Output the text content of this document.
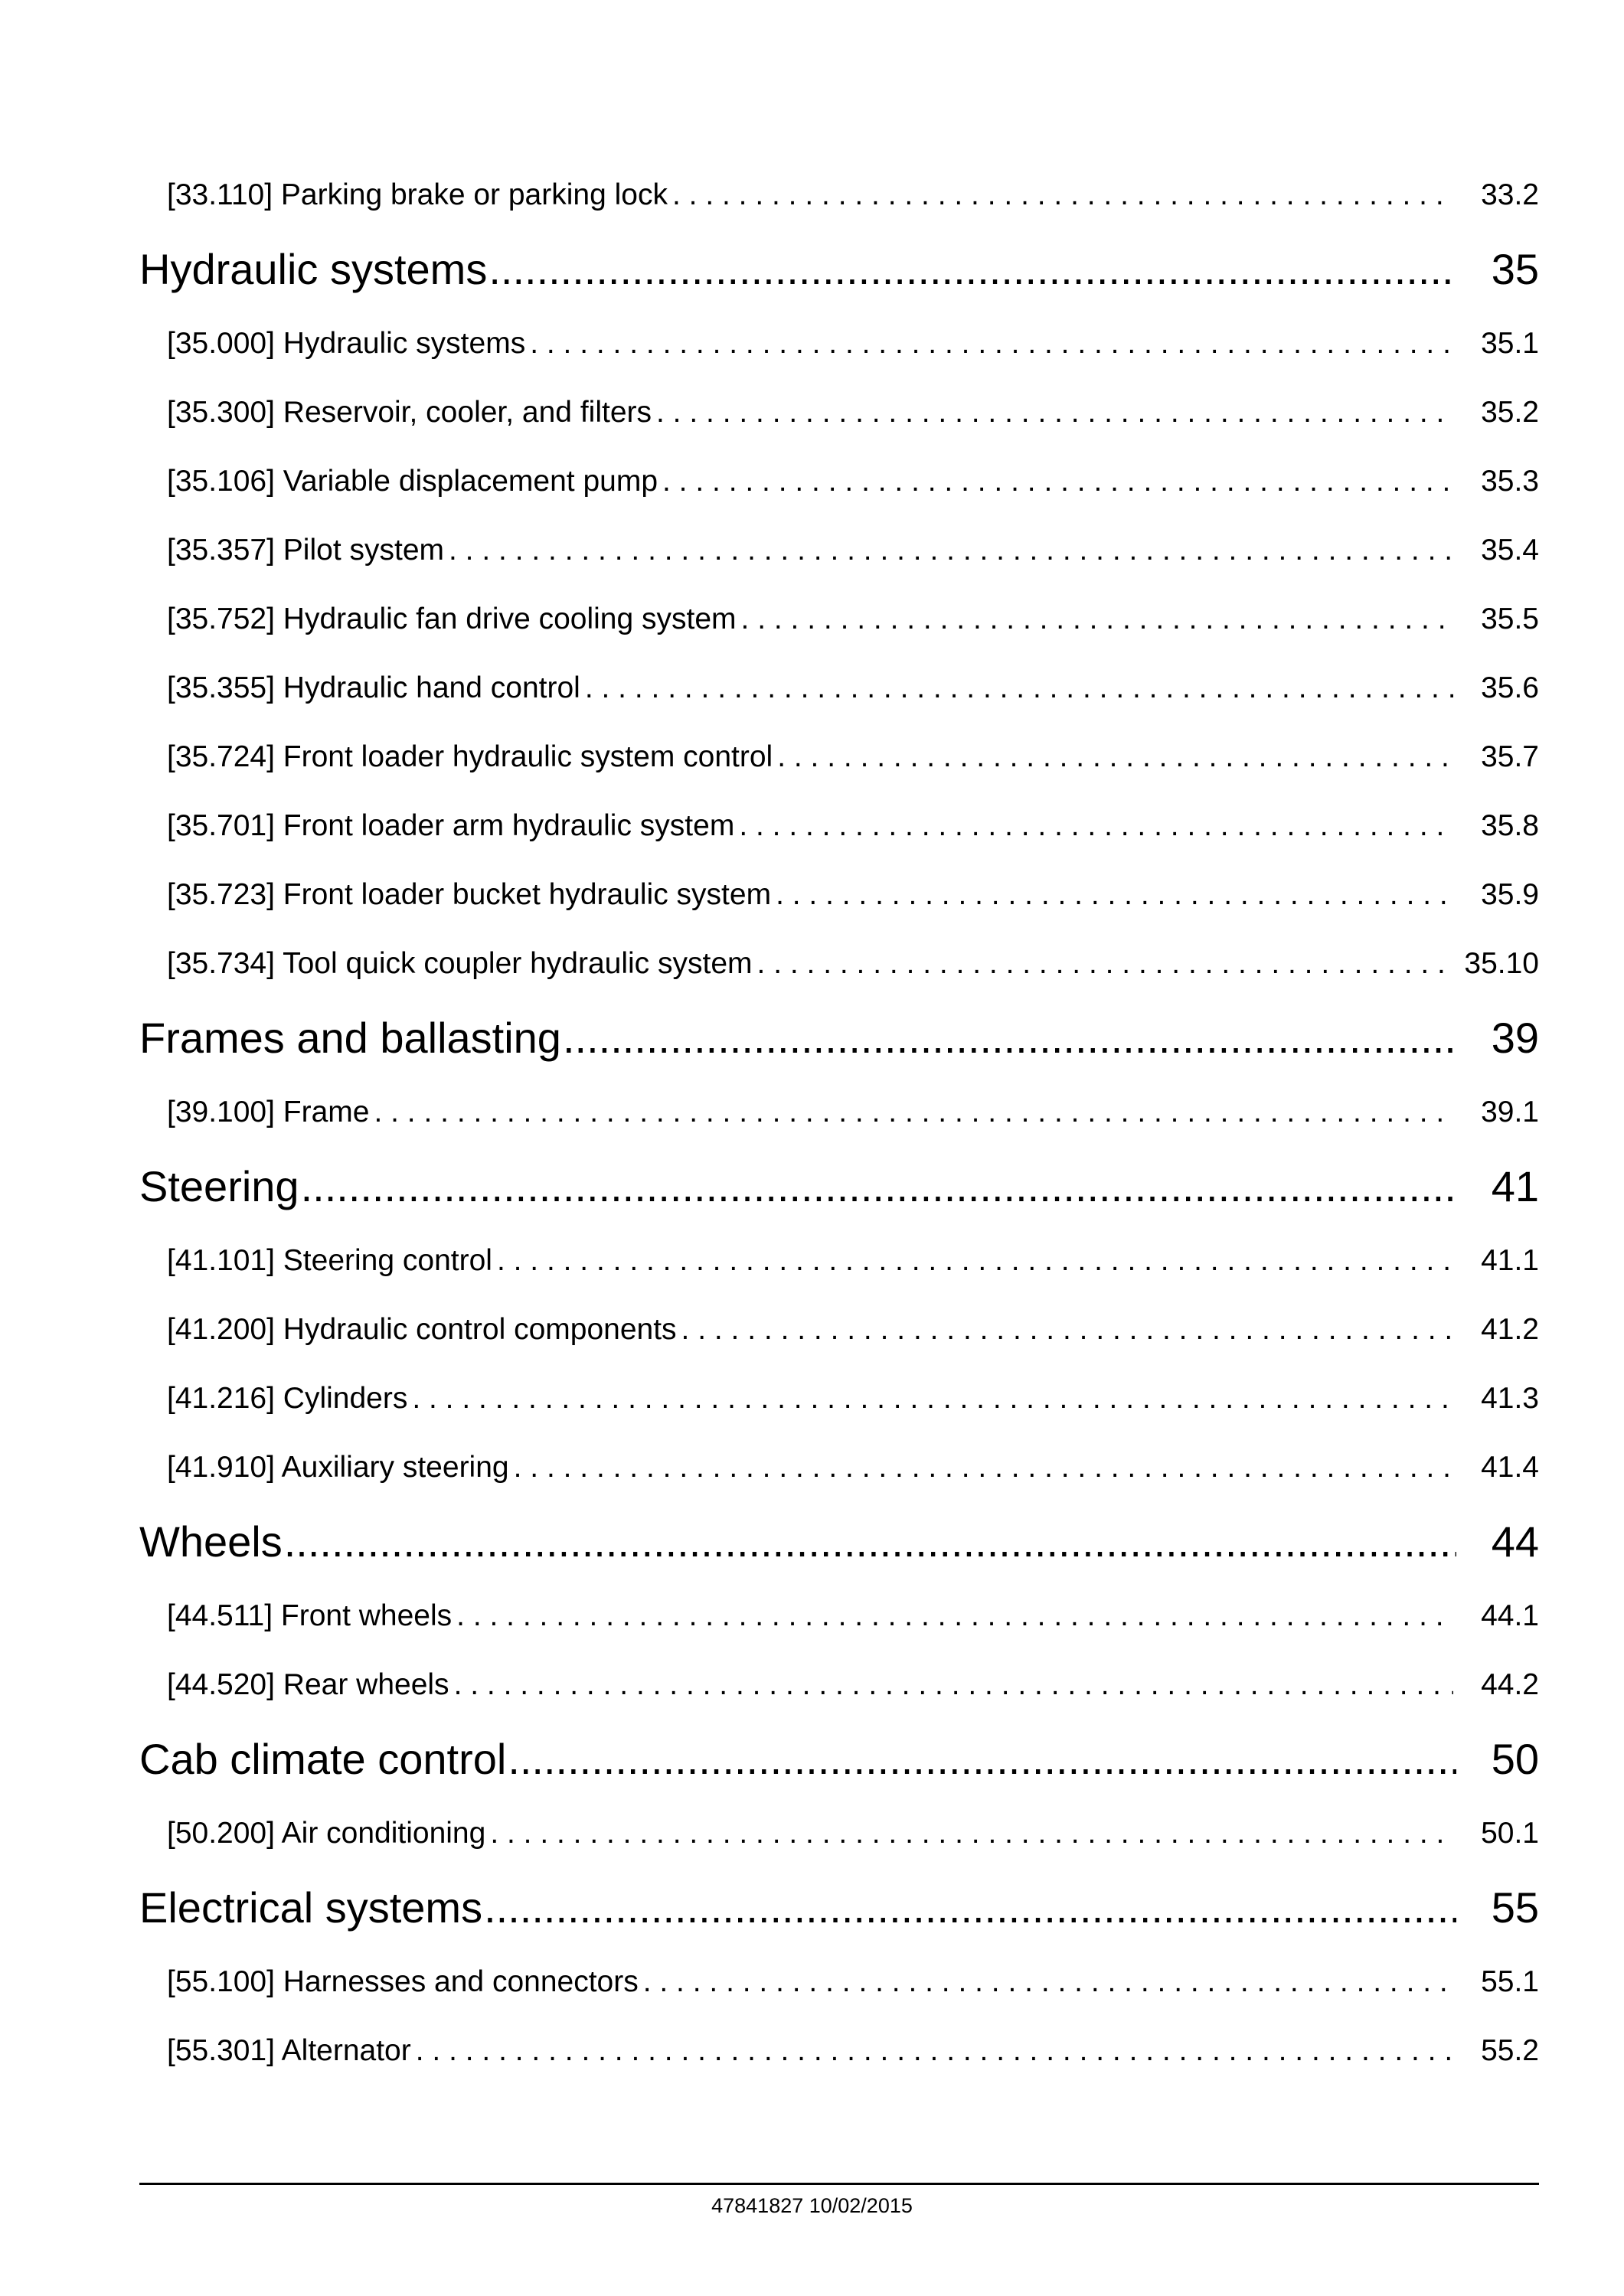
[33.110] Parking brake or parking lock . . .	33.2
Hydraulic systems .....	35
[35.000] Hydraulic systems . . .	35.1
[35.300] Reservoir, cooler, and filters . . .	35.2
[35.106] Variable displacement pump . . .	35.3
[35.357] Pilot system . . .	35.4
[35.752] Hydraulic fan drive cooling system . . .	35.5
[35.355] Hydraulic hand control . . .	35.6
[35.724] Front loader hydraulic system control . . .	35.7
[35.701] Front loader arm hydraulic system . . .	35.8
[35.723] Front loader bucket hydraulic system . . .	35.9
[35.734] Tool quick coupler hydraulic system . . .	35.10
Frames and ballasting .....	39
[39.100] Frame . . .	39.1
Steering .....	41
[41.101] Steering control . . .	41.1
[41.200] Hydraulic control components . . .	41.2
[41.216] Cylinders . . .	41.3
[41.910] Auxiliary steering . . .	41.4
Wheels .....	44
[44.511] Front wheels . . .	44.1
[44.520] Rear wheels . . .	44.2
Cab climate control .....	50
[50.200] Air conditioning . . .	50.1
Electrical systems .....	55
[55.100] Harnesses and connectors . . .	55.1
[55.301] Alternator . . .	55.2
47841827 10/02/2015
